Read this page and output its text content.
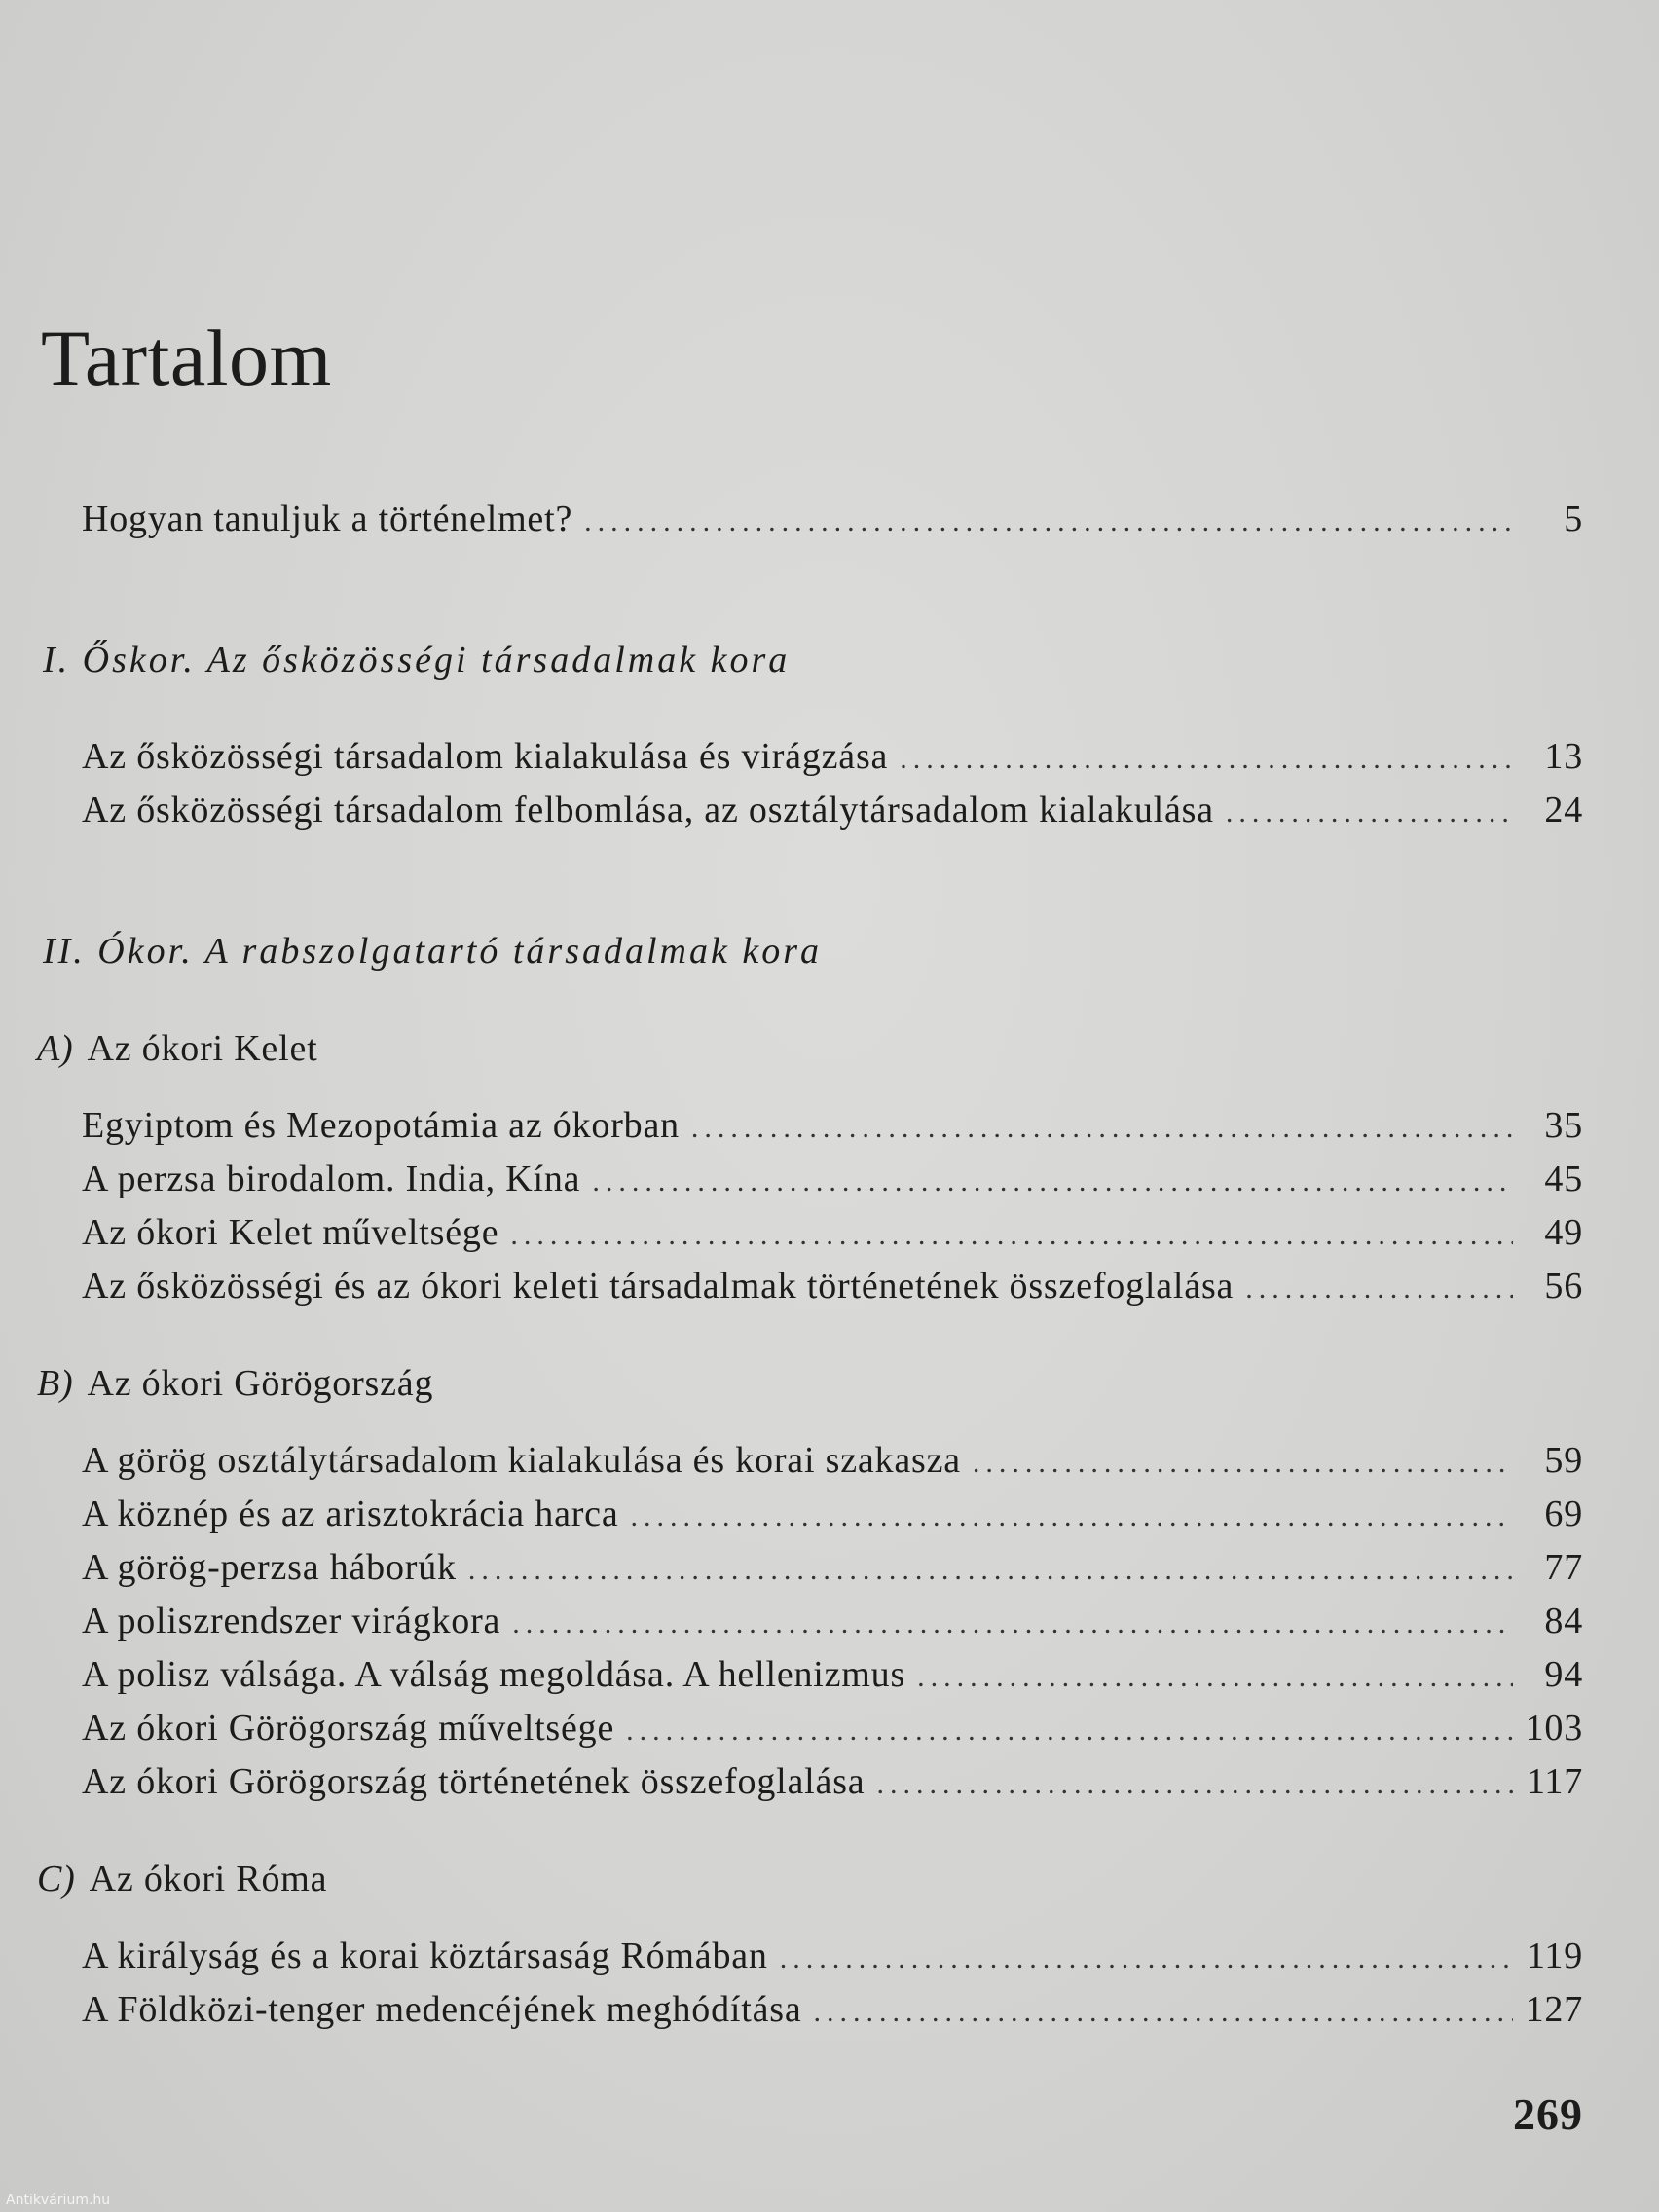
Tartalom
Hogyan tanuljuk a történelmet? .....	5
I. Őskor. Az ősközösségi társadalmak kora
Az ősközösségi társadalom kialakulása és virágzása .....	13
Az ősközösségi társadalom felbomlása, az osztálytársadalom kialakulása .....	24
II. Ókor. A rabszolgatartó társadalmak kora
A) Az ókori Kelet
Egyiptom és Mezopotámia az ókorban .....	35
A perzsa birodalom. India, Kína .....	45
Az ókori Kelet műveltsége .....	49
Az ősközösségi és az ókori keleti társadalmak történetének összefoglalása .....	56
B) Az ókori Görögország
A görög osztálytársadalom kialakulása és korai szakasza .....	59
A köznép és az arisztokrácia harca .....	69
A görög-perzsa háborúk .....	77
A poliszrendszer virágkora .....	84
A polisz válsága. A válság megoldása. A hellenizmus .....	94
Az ókori Görögország műveltsége .....	103
Az ókori Görögország történetének összefoglalása .....	117
C) Az ókori Róma
A királyság és a korai köztársaság Rómában .....	119
A Földközi-tenger medencéjének meghódítása .....	127
269
Antikvárium.hu
